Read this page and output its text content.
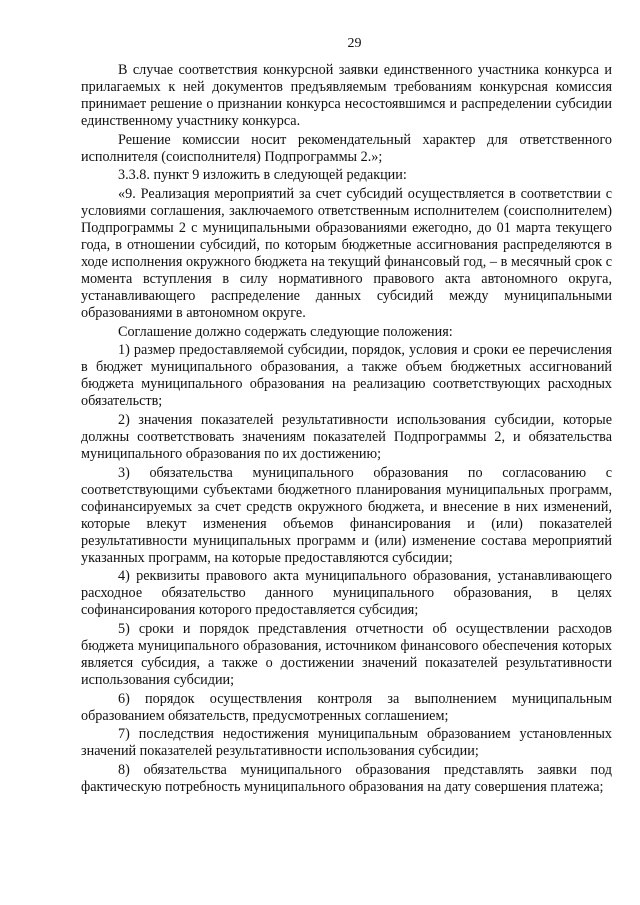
29

В случае соответствия конкурсной заявки единственного участника конкурса и прилагаемых к ней документов предъявляемым требованиям конкурсная комиссия принимает решение о признании конкурса несостоявшимся и распределении субсидии единственному участнику конкурса.

Решение комиссии носит рекомендательный характер для ответственного исполнителя (соисполнителя) Подпрограммы 2.»;

3.3.8. пункт 9 изложить в следующей редакции:

«9. Реализация мероприятий за счет субсидий осуществляется в соответствии с условиями соглашения, заключаемого ответственным исполнителем (соисполнителем) Подпрограммы 2 с муниципальными образованиями ежегодно, до 01 марта текущего года, в отношении субсидий, по которым бюджетные ассигнования распределяются в ходе исполнения окружного бюджета на текущий финансовый год, – в месячный срок с момента вступления в силу нормативного правового акта автономного округа, устанавливающего распределение данных субсидий между муниципальными образованиями в автономном округе.

Соглашение должно содержать следующие положения:

1) размер предоставляемой субсидии, порядок, условия и сроки ее перечисления в бюджет муниципального образования, а также объем бюджетных ассигнований бюджета муниципального образования на реализацию соответствующих расходных обязательств;

2) значения показателей результативности использования субсидии, которые должны соответствовать значениям показателей Подпрограммы 2, и обязательства муниципального образования по их достижению;

3) обязательства муниципального образования по согласованию с соответствующими субъектами бюджетного планирования муниципальных программ, софинансируемых за счет средств окружного бюджета, и внесение в них изменений, которые влекут изменения объемов финансирования и (или) показателей результативности муниципальных программ и (или) изменение состава мероприятий указанных программ, на которые предоставляются субсидии;

4) реквизиты правового акта муниципального образования, устанавливающего расходное обязательство данного муниципального образования, в целях софинансирования которого предоставляется субсидия;

5) сроки и порядок представления отчетности об осуществлении расходов бюджета муниципального образования, источником финансового обеспечения которых является субсидия, а также о достижении значений показателей результативности использования субсидии;

6) порядок осуществления контроля за выполнением муниципальным образованием обязательств, предусмотренных соглашением;

7) последствия недостижения муниципальным образованием установленных значений показателей результативности использования субсидии;

8) обязательства муниципального образования представлять заявки под фактическую потребность муниципального образования на дату совершения платежа;
